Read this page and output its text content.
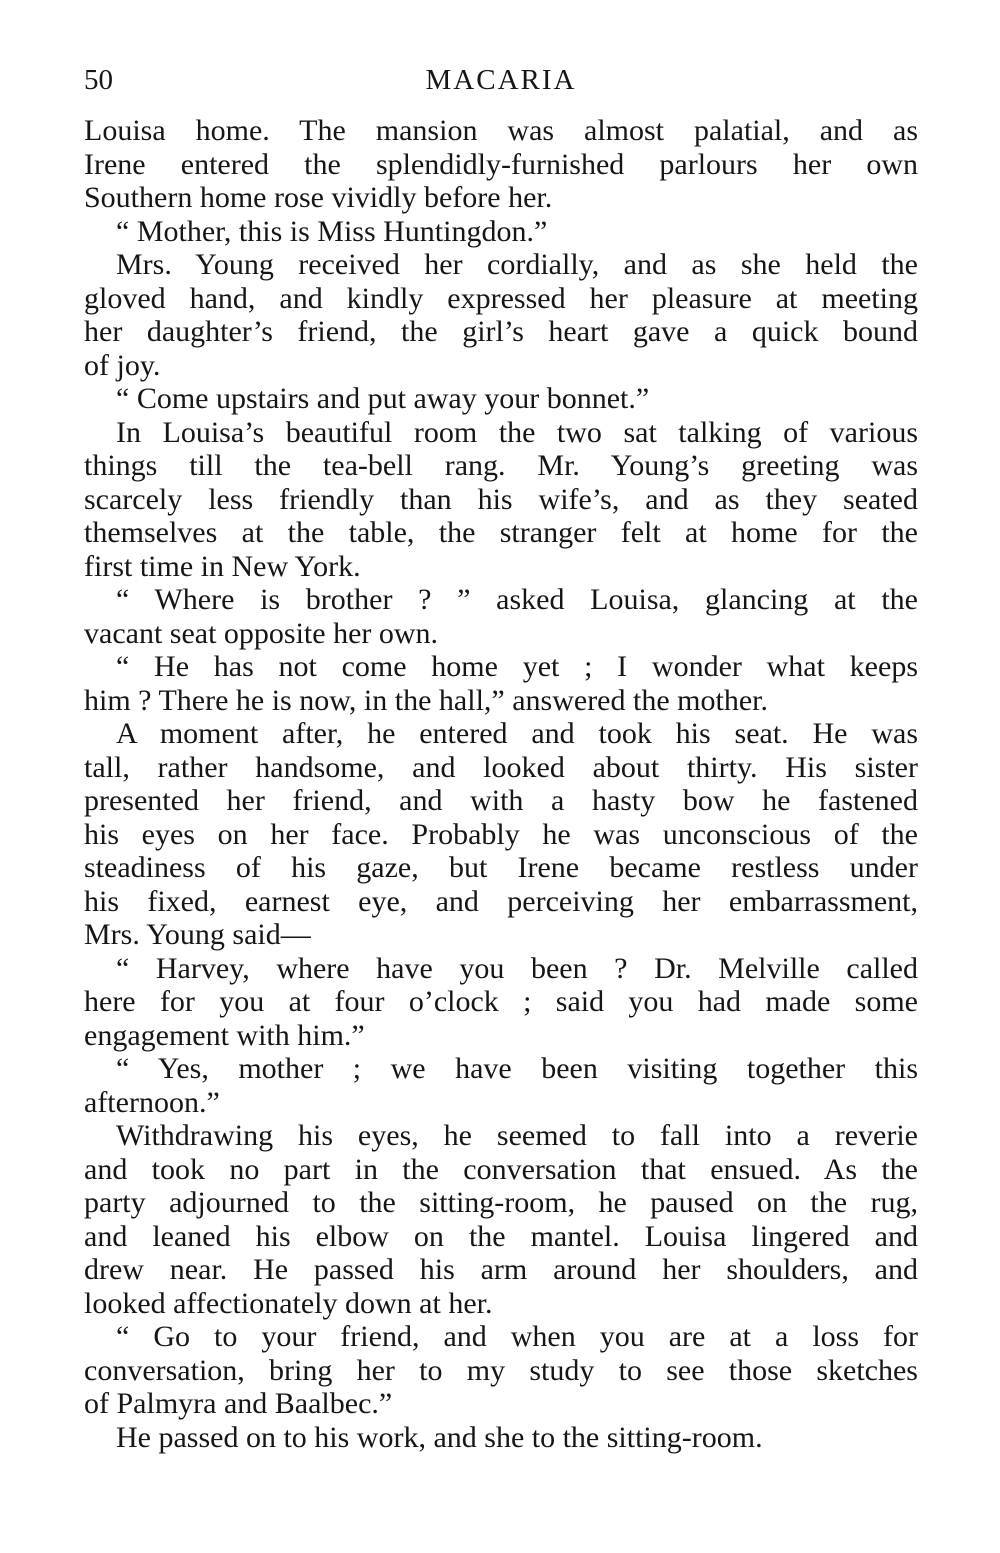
50	MACARIA
Louisa home. The mansion was almost palatial, and as
Irene entered the splendidly-furnished parlours her own
Southern home rose vividly before her.
“ Mother, this is Miss Huntingdon.”
Mrs. Young received her cordially, and as she held the
gloved hand, and kindly expressed her pleasure at meeting
her daughter’s friend, the girl’s heart gave a quick bound
of joy.
“ Come upstairs and put away your bonnet.”
In Louisa’s beautiful room the two sat talking of various
things till the tea-bell rang. Mr. Young’s greeting was
scarcely less friendly than his wife’s, and as they seated
themselves at the table, the stranger felt at home for the
first time in New York.
“ Where is brother ? ” asked Louisa, glancing at the
vacant seat opposite her own.
“ He has not come home yet ; I wonder what keeps
him ? There he is now, in the hall,” answered the mother.
A moment after, he entered and took his seat. He was
tall, rather handsome, and looked about thirty. His sister
presented her friend, and with a hasty bow he fastened
his eyes on her face. Probably he was unconscious of the
steadiness of his gaze, but Irene became restless under
his fixed, earnest eye, and perceiving her embarrassment,
Mrs. Young said—
“ Harvey, where have you been ? Dr. Melville called
here for you at four o’clock ; said you had made some
engagement with him.”
“ Yes, mother ; we have been visiting together this
afternoon.”
Withdrawing his eyes, he seemed to fall into a reverie
and took no part in the conversation that ensued. As the
party adjourned to the sitting-room, he paused on the rug,
and leaned his elbow on the mantel. Louisa lingered and
drew near. He passed his arm around her shoulders, and
looked affectionately down at her.
“ Go to your friend, and when you are at a loss for
conversation, bring her to my study to see those sketches
of Palmyra and Baalbec.”
He passed on to his work, and she to the sitting-room.
